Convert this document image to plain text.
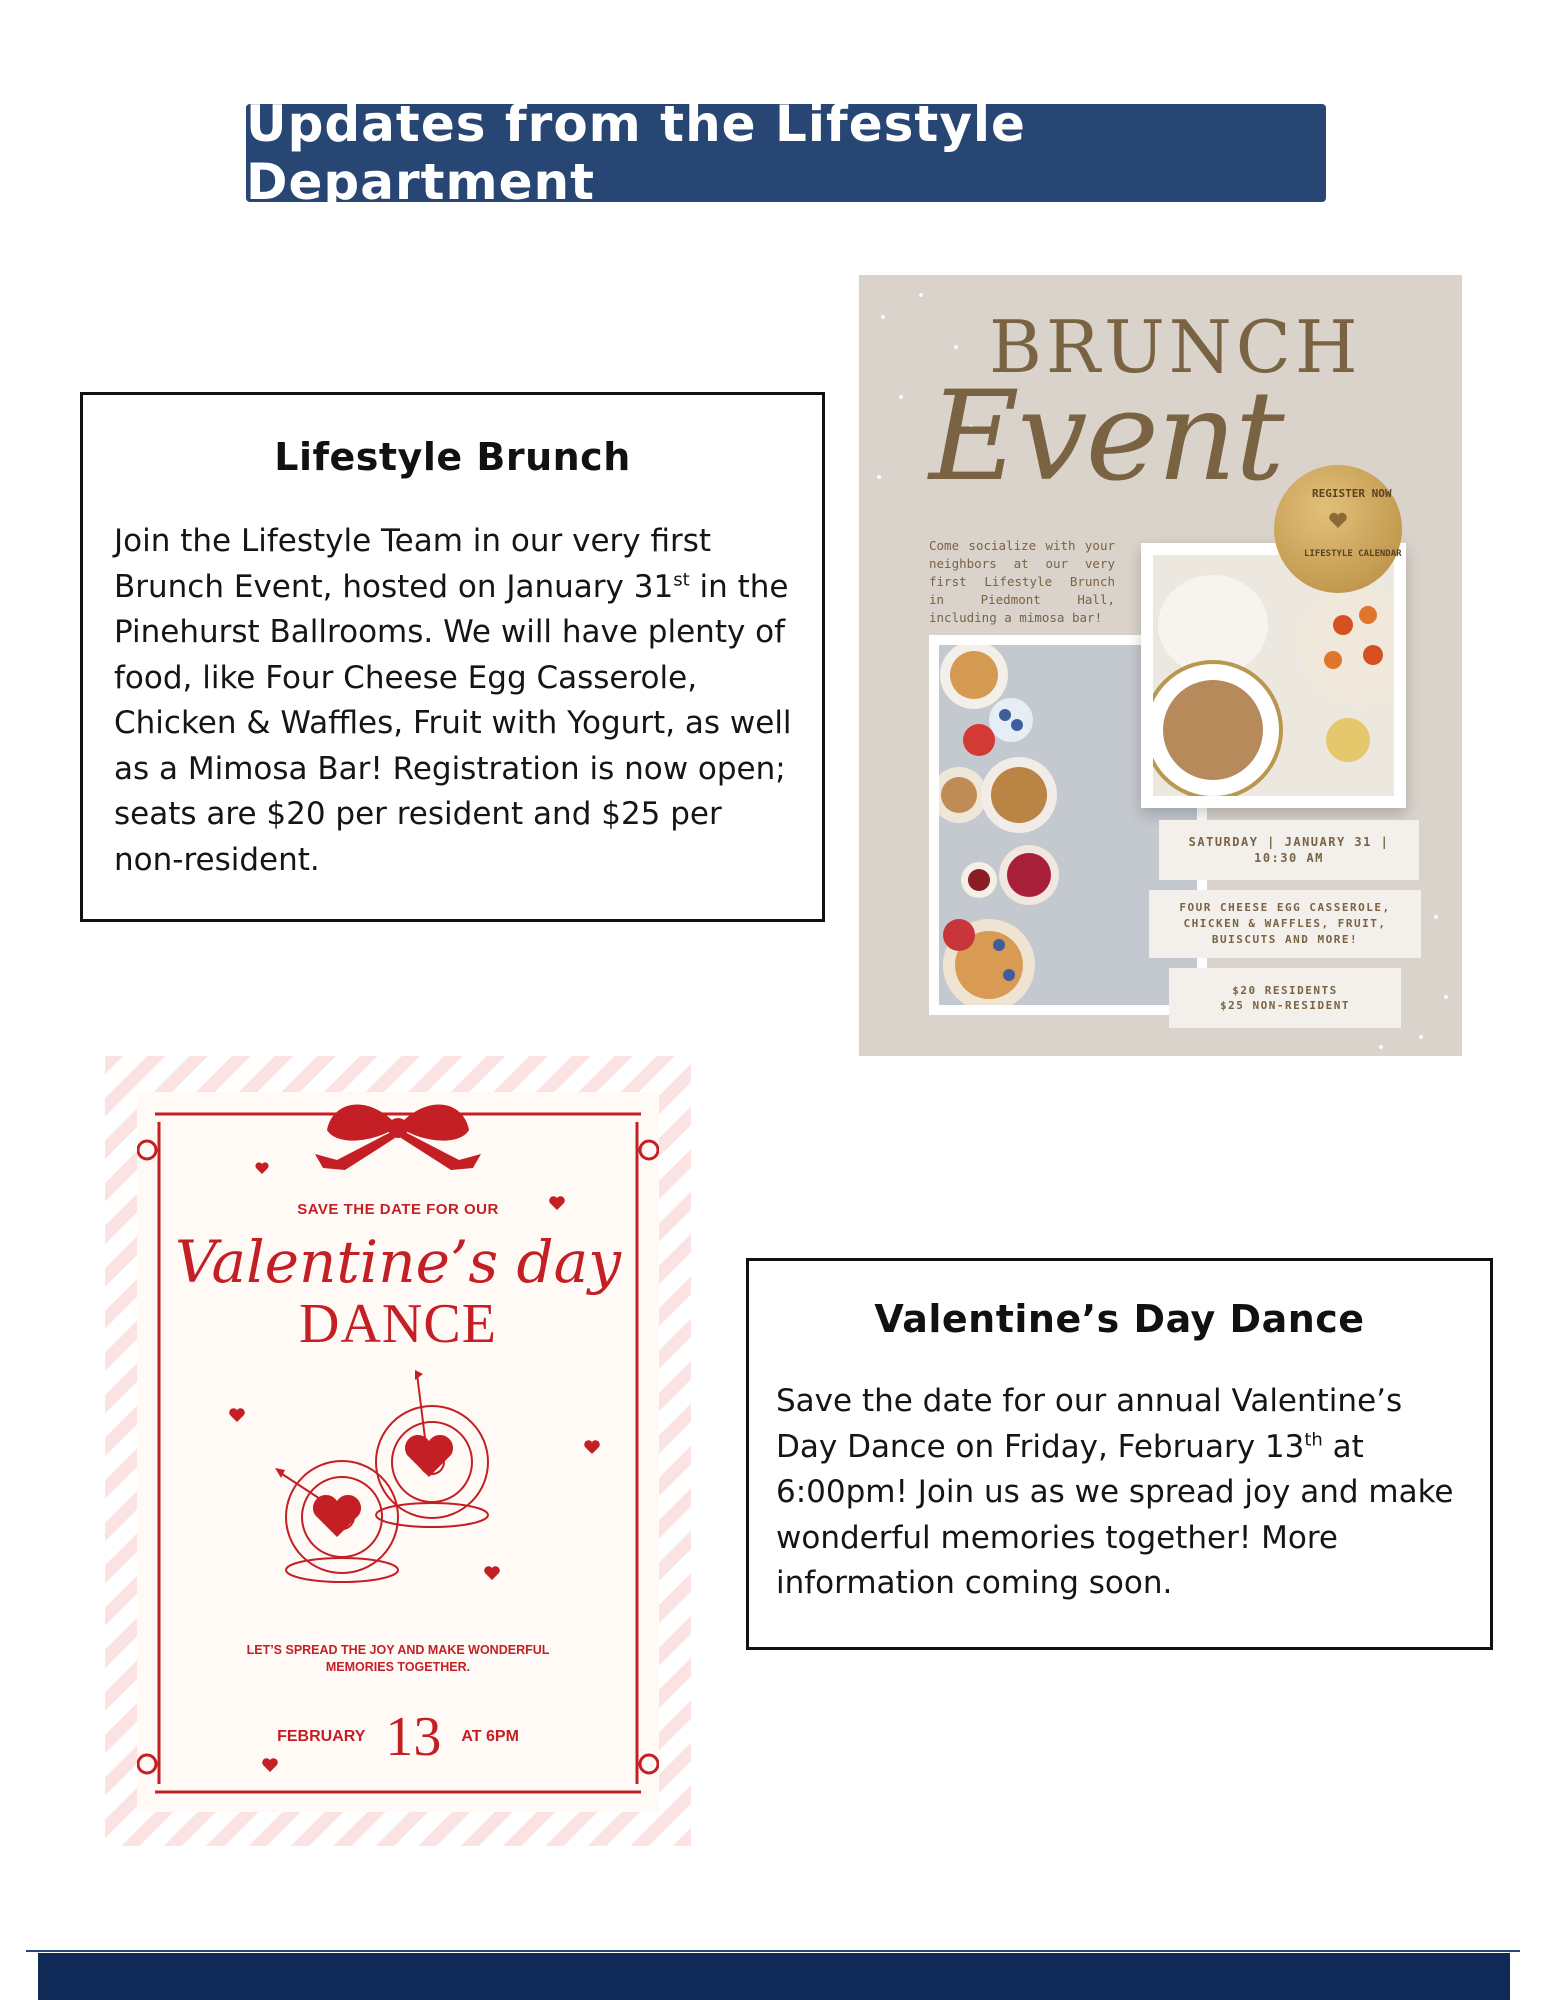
Updates from the Lifestyle Department
Lifestyle Brunch

Join the Lifestyle Team in our very first Brunch Event, hosted on January 31st in the Pinehurst Ballrooms. We will have plenty of food, like Four Cheese Egg Casserole, Chicken & Waffles, Fruit with Yogurt, as well as a Mimosa Bar! Registration is now open; seats are $20 per resident and $25 per non-resident.

BRUNCH
Event
Come socialize with your neighbors at our very first Lifestyle Brunch in Piedmont Hall, including a mimosa bar!
REGISTER NOW
LIFESTYLE CALENDAR
SATURDAY | JANUARY 31 |
10:30 AM
FOUR CHEESE EGG CASSEROLE,
CHICKEN & WAFFLES, FRUIT,
BUISCUTS AND MORE!
$20 RESIDENTS
$25 NON-RESIDENT
SAVE THE DATE FOR OUR
Valentine’s day
DANCE
LET’S SPREAD THE JOY AND MAKE WONDERFUL
MEMORIES TOGETHER.
FEBRUARY 13 AT 6PM
Valentine’s Day Dance

Save the date for our annual Valentine’s Day Dance on Friday, February 13th at 6:00pm! Join us as we spread joy and make wonderful memories together! More information coming soon.
